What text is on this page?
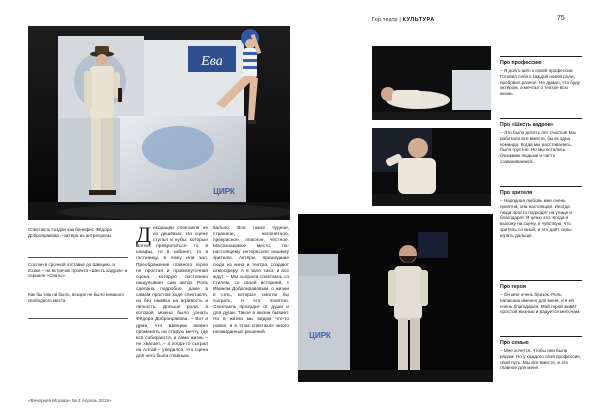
Гор.театр | КУЛЬТУРА	75
Ева
ЦИРК
ЦИРК
Спектакль создан как бенефис Фёдора Добронравова – актёра из антрепризы
Сослан в срочной отставке до Швецию, а позже – на встречах проекта «Шесть кадров» и сериале «Сваты»
Как бы там ни было, вскоре не было никакого свободного места.
Д екорации спектакля не из дешёвых. На сцене стулья и кубы, которые могли превратиться то в шкафы, то в кабинет, то в гостиницу, в ложу или зал. Преображение главного героя не простая и промежуточная сцена, которую постоянно нащупывает сам автор. Роль сделана подробно, даже в самом простом ходе спектакля, но без намёка на игривость и легкость. Дольше роли, в которой можно было узнать Фёдора Добронравова. – Вот и дума, что Швецию можно променять на старую мечту, где всё собирается, и сама жизнь – не хватает, – а когда-то сыграл на Алтай – убедился, что сцена для него была главным.
вально. Все такое чудное, странное, непонятное, прекрасное, опасное, честное. Малознакомое место, по-настоящему интересное нашему зрителю. Актёры, пришедшие сюда из кино и театра, создают атмосферу. А в зале тихо, и все ждут. – Мы сыграли спектакль со стилем, со своей историей, с Иваном Добронравовым, о жизни в сеть, которые смогли бы сыграть, и это понятно. Спектакль проходит от души и для души. Такое в жизни бывает. Но в жизни мы видим что-то новое, и в этом спектакле много неожиданных решений.
Про профессию
– Я долго шёл к своей профессии. Готовил себя к каждой новой роли, пробовал разное. Не думал, что буду актёром, а мечтал о театре всю жизнь.
Про «Шесть кадров»
– Это было десять лет счастья! Мы работали все вместе, была одна команда. Когда мы расставались, было грустно. Но мы остались близкими людьми и часто созваниваемся.
Про зрителя
– Народная любовь мне очень приятна, она настоящая. Иногда люди просто подходят на улице и благодарят. Я ценю это. Когда я выхожу на сцену, я чувствую, что зритель со мной, и это даёт силы играть дальше.
Про героя
– Он мне очень близок. Роль написана именно для меня, и я ей очень благодарен. Мой герой живёт простой жизнью и радуется мелочам.
Про семью
– Мне хочется, чтобы они были рядом. Но у каждого своя профессия, свой путь. Мы все вместе, и это главное для меня.
«Вечерняя Москва» № 4 Апрель 2019»
